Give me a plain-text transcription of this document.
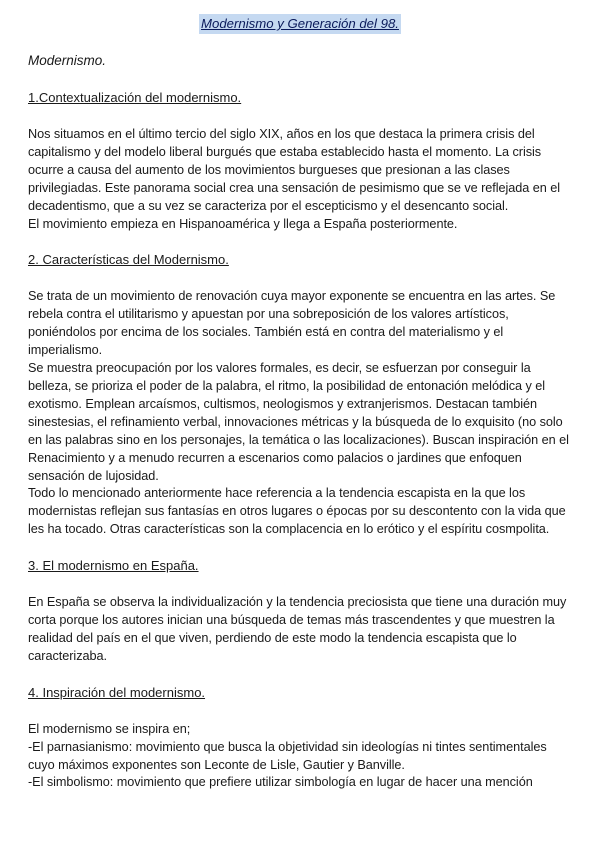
Modernismo y Generación del 98.
Modernismo.
1.Contextualización del modernismo.

Nos situamos en el último tercio del siglo XIX, años en los que destaca la primera crisis del capitalismo y del modelo liberal burgués que estaba establecido hasta el momento. La crisis ocurre a causa del aumento de los movimientos burgueses que presionan a las clases privilegiadas. Este panorama social crea una sensación de pesimismo que se ve reflejada en el decadentismo, que a su vez se caracteriza por el escepticismo y el desencanto social.

El movimiento empieza en Hispanoamérica y llega a España posteriormente.

2. Características del Modernismo.

Se trata de un movimiento de renovación cuya mayor exponente se encuentra en las artes. Se rebela contra el utilitarismo y apuestan por una sobreposición de los valores artísticos, poniéndolos por encima de los sociales. También está en contra del materialismo y el imperialismo.

Se muestra preocupación por los valores formales, es decir, se esfuerzan por conseguir la belleza, se prioriza el poder de la palabra, el ritmo, la posibilidad de entonación melódica y el exotismo. Emplean arcaísmos, cultismos, neologismos y extranjerismos. Destacan también sinestesias, el refinamiento verbal, innovaciones métricas y la búsqueda de lo exquisito (no solo en las palabras sino en los personajes, la temática o las localizaciones). Buscan inspiración en el Renacimiento y a menudo recurren a escenarios como palacios o jardines que enfoquen sensación de lujosidad.

Todo lo mencionado anteriormente hace referencia a la tendencia escapista en la que los modernistas reflejan sus fantasías en otros lugares o épocas por su descontento con la vida que les ha tocado. Otras características son la complacencia en lo erótico y el espíritu cosmpolita.

3. El modernismo en España.

En España se observa la individualización y la tendencia preciosista que tiene una duración muy corta porque los autores inician una búsqueda de temas más trascendentes y que muestren la realidad del país en el que viven, perdiendo de este modo la tendencia escapista que lo caracterizaba.

4. Inspiración del modernismo.

El modernismo se inspira en;

-El parnasianismo: movimiento que busca la objetividad sin ideologías ni tintes sentimentales cuyo máximos exponentes son Leconte de Lisle, Gautier y Banville.

-El simbolismo: movimiento que prefiere utilizar simbología en lugar de hacer una mención
